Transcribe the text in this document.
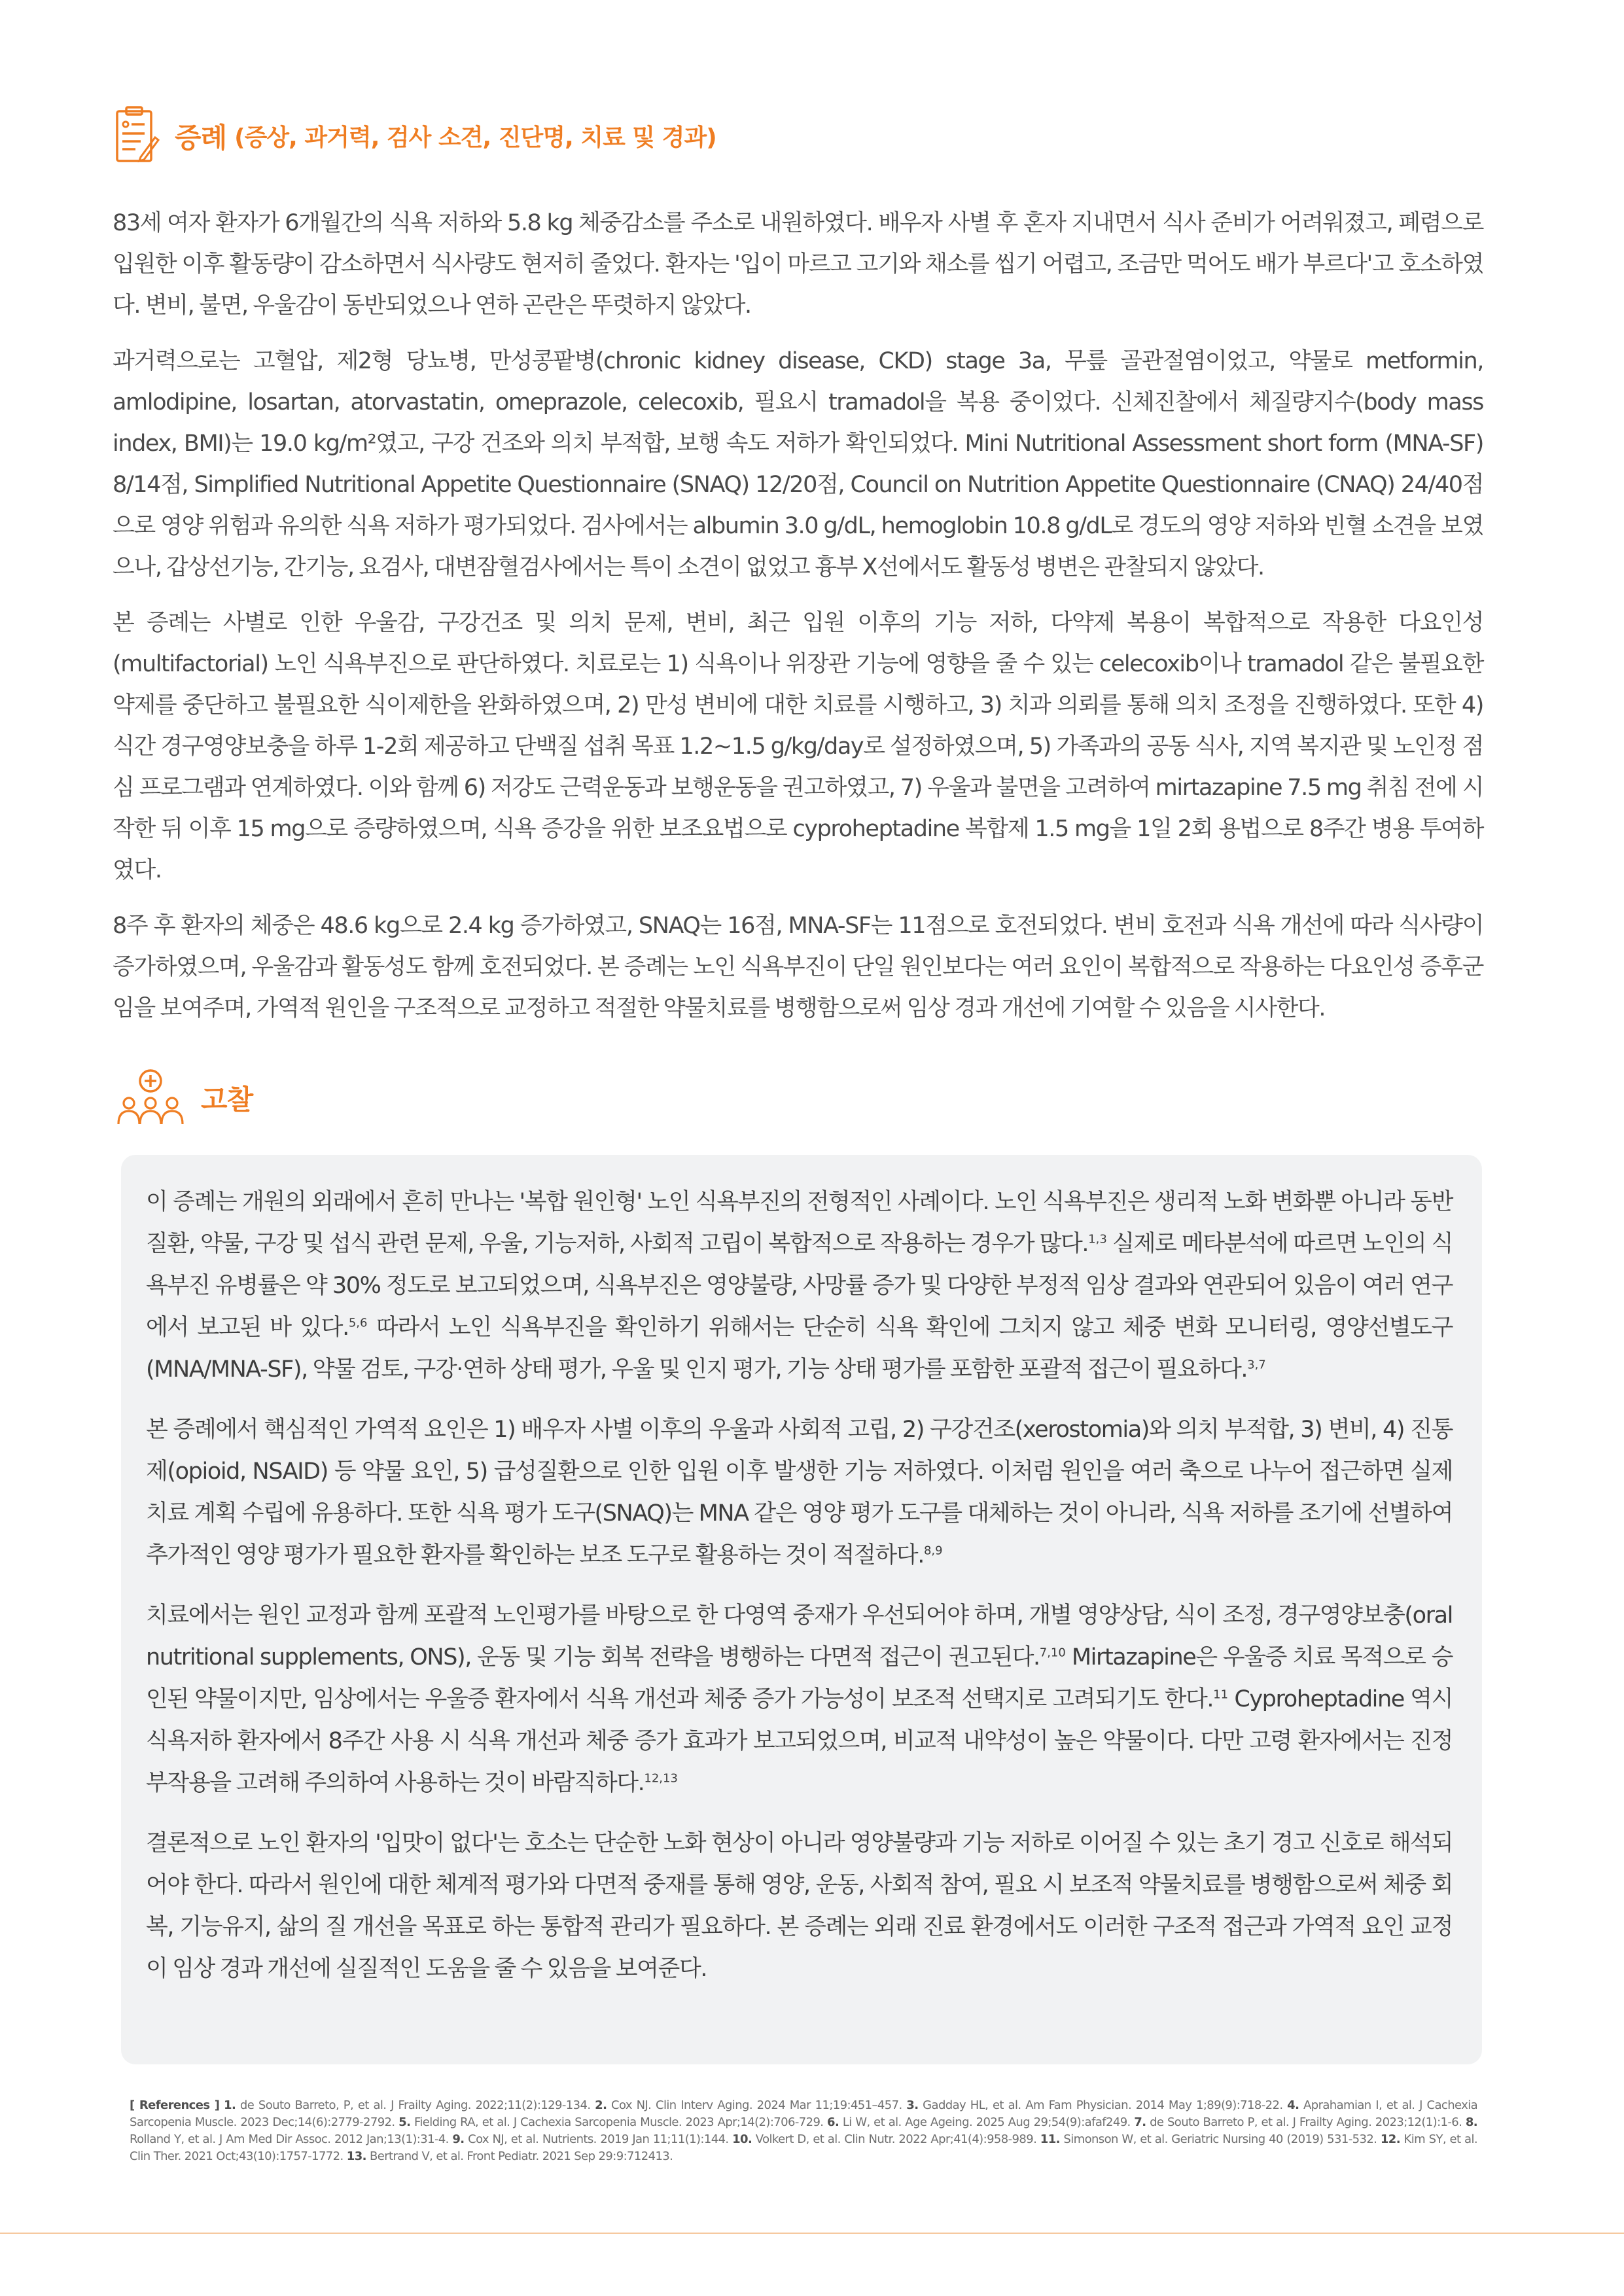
증례 (증상, 과거력, 검사 소견, 진단명, 치료 및 경과)

83세 여자 환자가 6개월간의 식욕 저하와 5.8 kg 체중감소를 주소로 내원하였다. 배우자 사별 후 혼자 지내면서 식사 준비가 어려워졌고, 폐렴으로 입원한 이후 활동량이 감소하면서 식사량도 현저히 줄었다. 환자는 '입이 마르고 고기와 채소를 씹기 어렵고, 조금만 먹어도 배가 부르다'고 호소하였다. 변비, 불면, 우울감이 동반되었으나 연하 곤란은 뚜렷하지 않았다.

과거력으로는 고혈압, 제2형 당뇨병, 만성콩팥병(chronic kidney disease, CKD) stage 3a, 무릎 골관절염이었고, 약물로 metformin, amlodipine, losartan, atorvastatin, omeprazole, celecoxib, 필요시 tramadol을 복용 중이었다. 신체진찰에서 체질량지수(body mass index, BMI)는 19.0 kg/m²였고, 구강 건조와 의치 부적합, 보행 속도 저하가 확인되었다. Mini Nutritional Assessment short form (MNA-SF) 8/14점, Simplified Nutritional Appetite Questionnaire (SNAQ) 12/20점, Council on Nutrition Appetite Questionnaire (CNAQ) 24/40점으로 영양 위험과 유의한 식욕 저하가 평가되었다. 검사에서는 albumin 3.0 g/dL, hemoglobin 10.8 g/dL로 경도의 영양 저하와 빈혈 소견을 보였으나, 갑상선기능, 간기능, 요검사, 대변잠혈검사에서는 특이 소견이 없었고 흉부 X선에서도 활동성 병변은 관찰되지 않았다.

본 증례는 사별로 인한 우울감, 구강건조 및 의치 문제, 변비, 최근 입원 이후의 기능 저하, 다약제 복용이 복합적으로 작용한 다요인성(multifactorial) 노인 식욕부진으로 판단하였다. 치료로는 1) 식욕이나 위장관 기능에 영향을 줄 수 있는 celecoxib이나 tramadol 같은 불필요한 약제를 중단하고 불필요한 식이제한을 완화하였으며, 2) 만성 변비에 대한 치료를 시행하고, 3) 치과 의뢰를 통해 의치 조정을 진행하였다. 또한 4) 식간 경구영양보충을 하루 1-2회 제공하고 단백질 섭취 목표 1.2~1.5 g/kg/day로 설정하였으며, 5) 가족과의 공동 식사, 지역 복지관 및 노인정 점심 프로그램과 연계하였다. 이와 함께 6) 저강도 근력운동과 보행운동을 권고하였고, 7) 우울과 불면을 고려하여 mirtazapine 7.5 mg 취침 전에 시작한 뒤 이후 15 mg으로 증량하였으며, 식욕 증강을 위한 보조요법으로 cyproheptadine 복합제 1.5 mg을 1일 2회 용법으로 8주간 병용 투여하였다.

8주 후 환자의 체중은 48.6 kg으로 2.4 kg 증가하였고, SNAQ는 16점, MNA-SF는 11점으로 호전되었다. 변비 호전과 식욕 개선에 따라 식사량이 증가하였으며, 우울감과 활동성도 함께 호전되었다. 본 증례는 노인 식욕부진이 단일 원인보다는 여러 요인이 복합적으로 작용하는 다요인성 증후군임을 보여주며, 가역적 원인을 구조적으로 교정하고 적절한 약물치료를 병행함으로써 임상 경과 개선에 기여할 수 있음을 시사한다.

고찰

이 증례는 개원의 외래에서 흔히 만나는 '복합 원인형' 노인 식욕부진의 전형적인 사례이다. 노인 식욕부진은 생리적 노화 변화뿐 아니라 동반질환, 약물, 구강 및 섭식 관련 문제, 우울, 기능저하, 사회적 고립이 복합적으로 작용하는 경우가 많다.$^{1,3}$ 실제로 메타분석에 따르면 노인의 식욕부진 유병률은 약 30% 정도로 보고되었으며, 식욕부진은 영양불량, 사망률 증가 및 다양한 부정적 임상 결과와 연관되어 있음이 여러 연구에서 보고된 바 있다.$^{5,6}$ 따라서 노인 식욕부진을 확인하기 위해서는 단순히 식욕 확인에 그치지 않고 체중 변화 모니터링, 영양선별도구(MNA/MNA-SF), 약물 검토, 구강·연하 상태 평가, 우울 및 인지 평가, 기능 상태 평가를 포함한 포괄적 접근이 필요하다.$^{3,7}$

본 증례에서 핵심적인 가역적 요인은 1) 배우자 사별 이후의 우울과 사회적 고립, 2) 구강건조(xerostomia)와 의치 부적합, 3) 변비, 4) 진통제(opioid, NSAID) 등 약물 요인, 5) 급성질환으로 인한 입원 이후 발생한 기능 저하였다. 이처럼 원인을 여러 축으로 나누어 접근하면 실제 치료 계획 수립에 유용하다. 또한 식욕 평가 도구(SNAQ)는 MNA 같은 영양 평가 도구를 대체하는 것이 아니라, 식욕 저하를 조기에 선별하여 추가적인 영양 평가가 필요한 환자를 확인하는 보조 도구로 활용하는 것이 적절하다.$^{8,9}$

치료에서는 원인 교정과 함께 포괄적 노인평가를 바탕으로 한 다영역 중재가 우선되어야 하며, 개별 영양상담, 식이 조정, 경구영양보충(oral nutritional supplements, ONS), 운동 및 기능 회복 전략을 병행하는 다면적 접근이 권고된다.$^{7,10}$ Mirtazapine은 우울증 치료 목적으로 승인된 약물이지만, 임상에서는 우울증 환자에서 식욕 개선과 체중 증가 가능성이 보조적 선택지로 고려되기도 한다.$^{11}$ Cyproheptadine 역시 식욕저하 환자에서 8주간 사용 시 식욕 개선과 체중 증가 효과가 보고되었으며, 비교적 내약성이 높은 약물이다. 다만 고령 환자에서는 진정 부작용을 고려해 주의하여 사용하는 것이 바람직하다.$^{12,13}$

결론적으로 노인 환자의 '입맛이 없다'는 호소는 단순한 노화 현상이 아니라 영양불량과 기능 저하로 이어질 수 있는 초기 경고 신호로 해석되어야 한다. 따라서 원인에 대한 체계적 평가와 다면적 중재를 통해 영양, 운동, 사회적 참여, 필요 시 보조적 약물치료를 병행함으로써 체중 회복, 기능유지, 삶의 질 개선을 목표로 하는 통합적 관리가 필요하다. 본 증례는 외래 진료 환경에서도 이러한 구조적 접근과 가역적 요인 교정이 임상 경과 개선에 실질적인 도움을 줄 수 있음을 보여준다.

[ References ] 1. de Souto Barreto, P, et al. J Frailty Aging. 2022;11(2):129-134. 2. Cox NJ. Clin Interv Aging. 2024 Mar 11;19:451–457. 3. Gadday HL, et al. Am Fam Physician. 2014 May 1;89(9):718-22. 4. Aprahamian I, et al. J Cachexia Sarcopenia Muscle. 2023 Dec;14(6):2779-2792. 5. Fielding RA, et al. J Cachexia Sarcopenia Muscle. 2023 Apr;14(2):706-729. 6. Li W, et al. Age Ageing. 2025 Aug 29;54(9):afaf249. 7. de Souto Barreto P, et al. J Frailty Aging. 2023;12(1):1-6. 8. Rolland Y, et al. J Am Med Dir Assoc. 2012 Jan;13(1):31-4. 9. Cox NJ, et al. Nutrients. 2019 Jan 11;11(1):144. 10. Volkert D, et al. Clin Nutr. 2022 Apr;41(4):958-989. 11. Simonson W, et al. Geriatric Nursing 40 (2019) 531-532. 12. Kim SY, et al. Clin Ther. 2021 Oct;43(10):1757-1772. 13. Bertrand V, et al. Front Pediatr. 2021 Sep 29:9:712413.
